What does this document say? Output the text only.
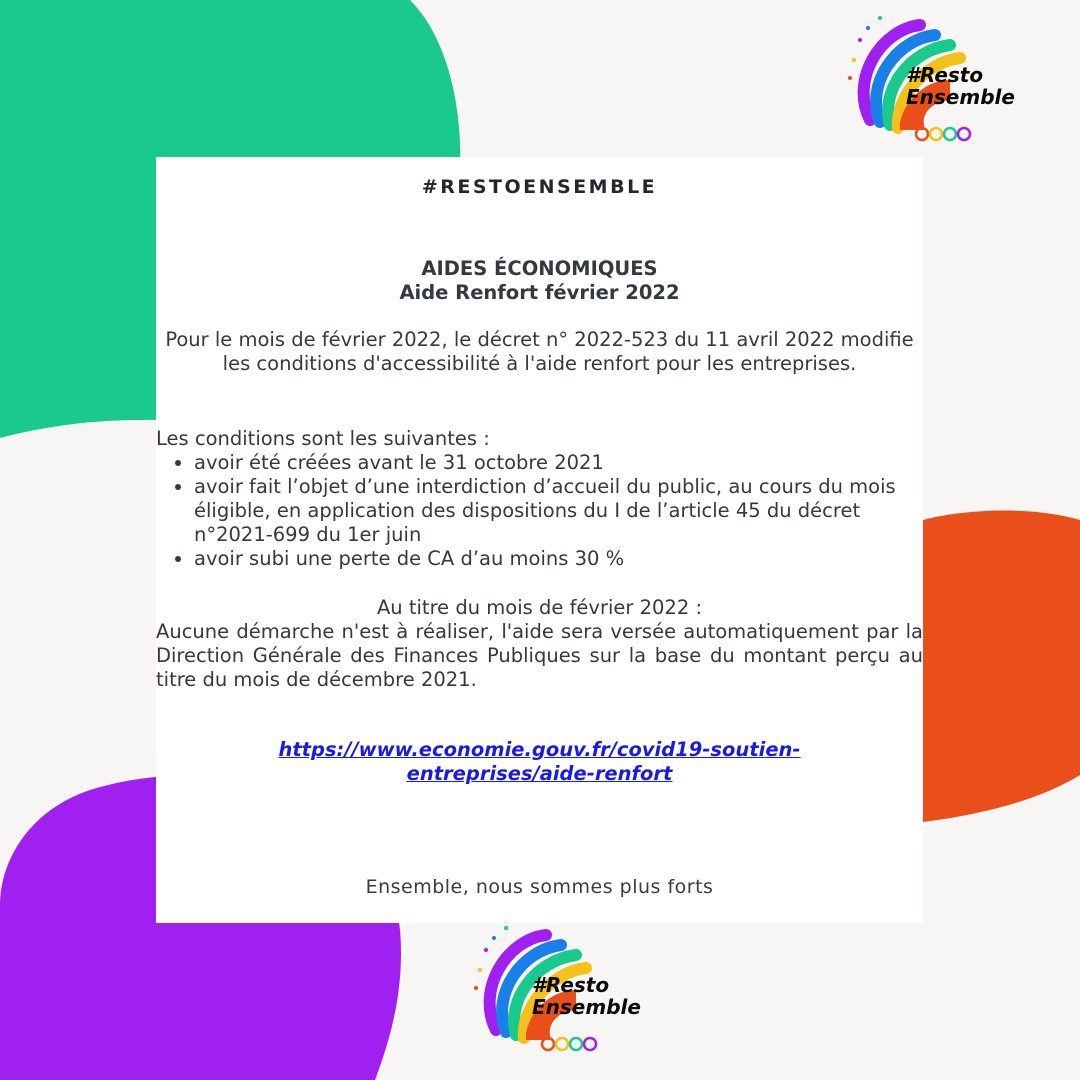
#Resto
Ensemble
#RESTOENSEMBLE
AIDES ÉCONOMIQUES
Aide Renfort février 2022
Pour le mois de février 2022, le décret n° 2022-523 du 11 avril 2022 modifie les conditions d'accessibilité à l'aide renfort pour les entreprises.
Les conditions sont les suivantes :
• avoir été créées avant le 31 octobre 2021
• avoir fait l’objet d’une interdiction d’accueil du public, au cours du mois éligible, en application des dispositions du I de l’article 45 du décret n°2021-699 du 1er juin
• avoir subi une perte de CA d’au moins 30 %
Au titre du mois de février 2022 :
Aucune démarche n'est à réaliser, l'aide sera versée automatiquement par la Direction Générale des Finances Publiques sur la base du montant perçu au titre du mois de décembre 2021.
https://www.economie.gouv.fr/covid19-soutien-entreprises/aide-renfort
Ensemble, nous sommes plus forts
#Resto
Ensemble
